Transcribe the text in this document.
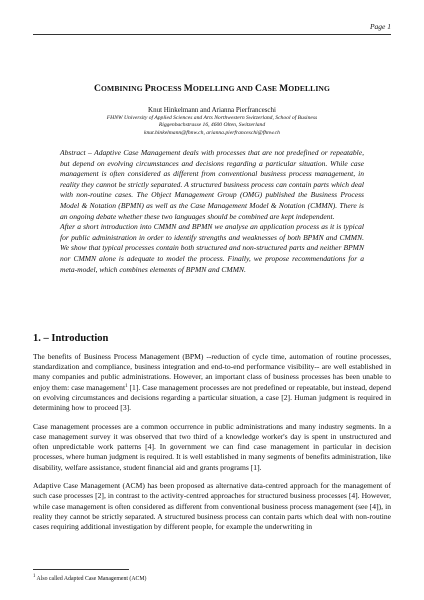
Page 1
COMBINING PROCESS MODELLING AND CASE MODELLING
Knut Hinkelmann and Arianna Pierfranceschi
FHNW University of Applied Sciences and Arts Northwestern Switzerland, School of Business
Riggenbachstrasse 16, 4600 Olten, Switzerland
knut.hinkelmann@fhnw.ch, arianna.pierfranceschi@fhnw.ch

Abstract – Adaptive Case Management deals with processes that are not predefined or repeatable, but depend on evolving circumstances and decisions regarding a particular situation. While case management is often considered as different from conventional business process management, in reality they cannot be strictly separated. A structured business process can contain parts which deal with non-routine cases. The Object Management Group (OMG) published the Business Process Model & Notation (BPMN) as well as the Case Management Model & Notation (CMMN). There is an ongoing debate whether these two languages should be combined are kept independent.

After a short introduction into CMMN and BPMN we analyse an application process as it is typical for public administration in order to identify strengths and weaknesses of both BPMN and CMMN. We show that typical processes contain both structured and non-structured parts and neither BPMN nor CMMN alone is adequate to model the process. Finally, we propose recommendations for a meta-model, which combines elements of BPMN and CMMN.

1. – Introduction

The benefits of Business Process Management (BPM) --reduction of cycle time, automation of routine processes, standardization and compliance, business integration and end-to-end performance visibility-- are well established in many companies and public administrations. However, an important class of business processes has been unable to enjoy them: case management$^1$ [1]. Case management processes are not predefined or repeatable, but instead, depend on evolving circumstances and decisions regarding a particular situation, a case [2]. Human judgment is required in determining how to proceed [3].

Case management processes are a common occurrence in public administrations and many industry segments. In a case management survey it was observed that two third of a knowledge worker's day is spent in unstructured and often unpredictable work patterns [4]. In government we can find case management in particular in decision processes, where human judgment is required. It is well established in many segments of benefits administration, like disability, welfare assistance, student financial aid and grants programs [1].

Adaptive Case Management (ACM) has been proposed as alternative data-centred approach for the management of such case processes [2], in contrast to the activity-centred approaches for structured business processes [4]. However, while case management is often considered as different from conventional business process management (see [4]), in reality they cannot be strictly separated. A structured business process can contain parts which deal with non-routine cases requiring additional investigation by different people, for example the underwriting in

$^1$ Also called Adapted Case Management (ACM)
